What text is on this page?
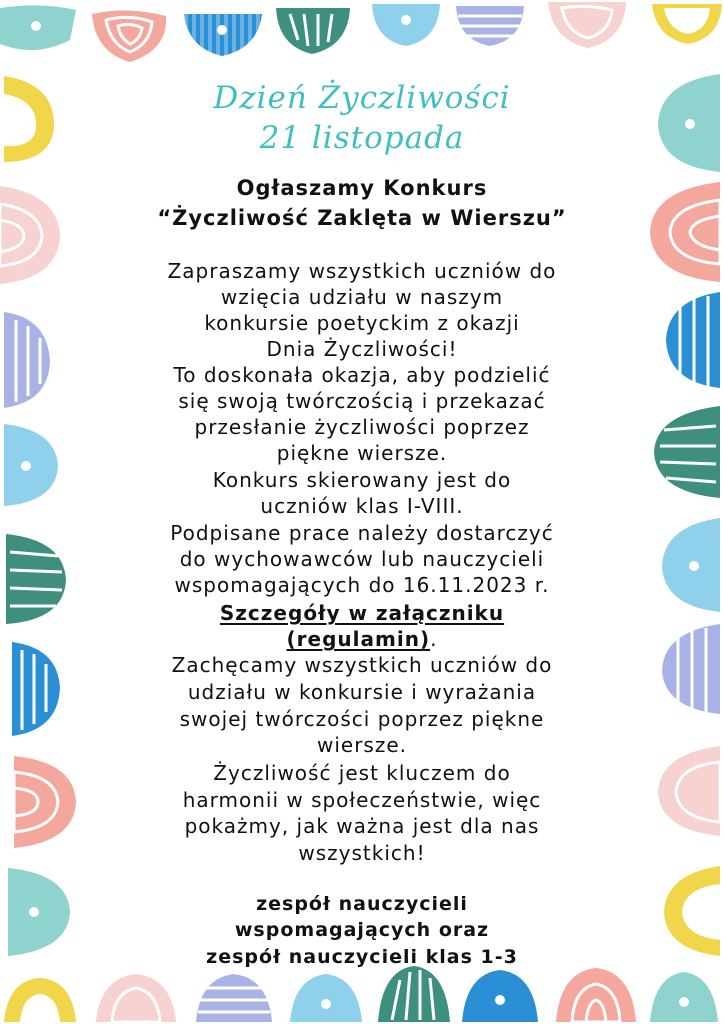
Dzień Życzliwości
21 listopada
Ogłaszamy Konkurs
“Życzliwość Zaklęta w Wierszu”
Zapraszamy wszystkich uczniów do
wzięcia udziału w naszym
konkursie poetyckim z okazji
Dnia Życzliwości!
To doskonała okazja, aby podzielić
się swoją twórczością i przekazać
przesłanie życzliwości poprzez
piękne wiersze.
Konkurs skierowany jest do
uczniów klas I-VIII.
Podpisane prace należy dostarczyć
do wychowawców lub nauczycieli
wspomagających do 16.11.2023 r.
Szczegóły w załączniku
(regulamin).
Zachęcamy wszystkich uczniów do
udziału w konkursie i wyrażania
swojej twórczości poprzez piękne
wiersze.
Życzliwość jest kluczem do
harmonii w społeczeństwie, więc
pokażmy, jak ważna jest dla nas
wszystkich!
zespół nauczycieli
wspomagających oraz
zespół nauczycieli klas 1-3
